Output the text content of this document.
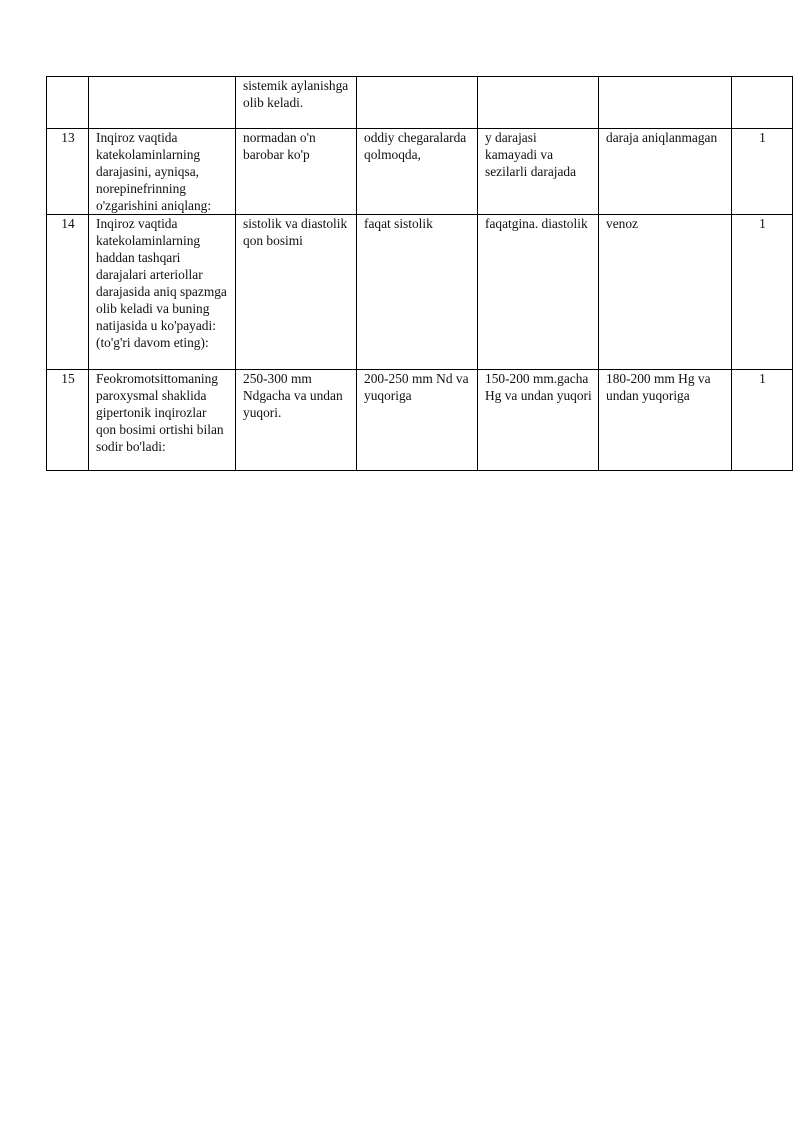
		sistemik aylanishga olib keladi.				
13	Inqiroz vaqtida katekolaminlarning darajasini, ayniqsa, norepinefrinning o'zgarishini aniqlang:	normadan o'n barobar ko'p	oddiy chegaralarda qolmoqda,	y darajasi kamayadi va sezilarli darajada	daraja aniqlanmagan	1
14	Inqiroz vaqtida katekolaminlarning haddan tashqari darajalari arteriollar darajasida aniq spazmga olib keladi va buning natijasida u ko'payadi: (to'g'ri davom eting):	sistolik va diastolik qon bosimi	faqat sistolik	faqatgina. diastolik	venoz	1
15	Feokromotsittomaning paroxysmal shaklida gipertonik inqirozlar qon bosimi ortishi bilan sodir bo'ladi:	250-300 mm Ndgacha va undan yuqori.	200-250 mm Nd va yuqoriga	150-200 mm.gacha Hg va undan yuqori	180-200 mm Hg va undan yuqoriga	1
